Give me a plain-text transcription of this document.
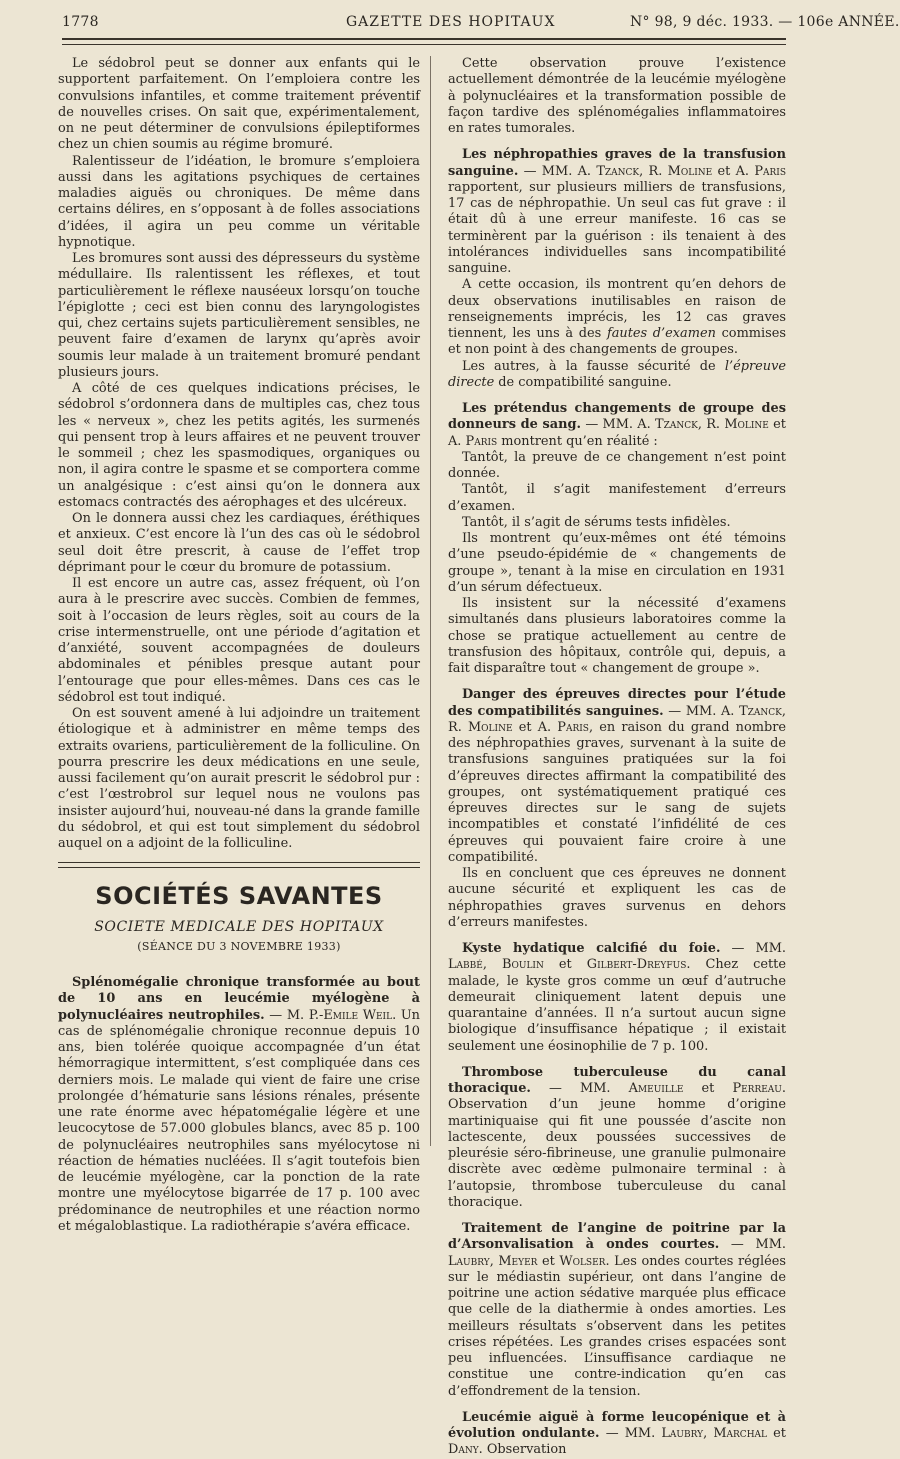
1778	GAZETTE DES HOPITAUX	N° 98, 9 déc. 1933. — 106e ANNÉE.

Le sédobrol peut se donner aux enfants qui le supportent parfaitement. On l’emploiera contre les convulsions infantiles, et comme traitement préventif de nouvelles crises. On sait que, expérimentalement, on ne peut déterminer de convulsions épileptiformes chez un chien soumis au régime bromuré.

Ralentisseur de l’idéation, le bromure s’emploiera aussi dans les agitations psychiques de certaines maladies aiguës ou chroniques. De même dans certains délires, en s’opposant à de folles associations d’idées, il agira un peu comme un véritable hypnotique.

Les bromures sont aussi des dépresseurs du système médullaire. Ils ralentissent les réflexes, et tout particulièrement le réflexe nauséeux lorsqu’on touche l’épiglotte ; ceci est bien connu des laryngologistes qui, chez certains sujets particulièrement sensibles, ne peuvent faire d’examen de larynx qu’après avoir soumis leur malade à un traitement bromuré pendant plusieurs jours.

A côté de ces quelques indications précises, le sédobrol s’ordonnera dans de multiples cas, chez tous les « nerveux », chez les petits agités, les surmenés qui pensent trop à leurs affaires et ne peuvent trouver le sommeil ; chez les spasmodiques, organiques ou non, il agira contre le spasme et se comportera comme un analgésique : c’est ainsi qu’on le donnera aux estomacs contractés des aérophages et des ulcéreux.

On le donnera aussi chez les cardiaques, éréthiques et anxieux. C’est encore là l’un des cas où le sédobrol seul doit être prescrit, à cause de l’effet trop déprimant pour le cœur du bromure de potassium.

Il est encore un autre cas, assez fréquent, où l’on aura à le prescrire avec succès. Combien de femmes, soit à l’occasion de leurs règles, soit au cours de la crise intermenstruelle, ont une période d’agitation et d’anxiété, souvent accompagnées de douleurs abdominales et pénibles presque autant pour l’entourage que pour elles-mêmes. Dans ces cas le sédobrol est tout indiqué.

On est souvent amené à lui adjoindre un traitement étiologique et à administrer en même temps des extraits ovariens, particulièrement de la folliculine. On pourra prescrire les deux médications en une seule, aussi facilement qu’on aurait prescrit le sédobrol pur : c’est l’œstrobrol sur lequel nous ne voulons pas insister aujourd’hui, nouveau-né dans la grande famille du sédobrol, et qui est tout simplement du sédobrol auquel on a adjoint de la folliculine.

SOCIÉTÉS SAVANTES
SOCIETE MEDICALE DES HOPITAUX
(SÉANCE DU 3 NOVEMBRE 1933)

Splénomégalie chronique transformée au bout de 10 ans en leucémie myélogène à polynucléaires neutrophiles. — M. P.-Emile Weil. Un cas de splénomégalie chronique reconnue depuis 10 ans, bien tolérée quoique accompagnée d’un état hémorragique intermittent, s’est compliquée dans ces derniers mois. Le malade qui vient de faire une crise prolongée d’hématurie sans lésions rénales, présente une rate énorme avec hépatomégalie légère et une leucocytose de 57.000 globules blancs, avec 85 p. 100 de polynucléaires neutrophiles sans myélocytose ni réaction de hématies nucléées. Il s’agit toutefois bien de leucémie myélogène, car la ponction de la rate montre une myélocytose bigarrée de 17 p. 100 avec prédominance de neutrophiles et une réaction normo et mégaloblastique. La radiothérapie s’avéra efficace.

Cette observation prouve l’existence actuellement démontrée de la leucémie myélogène à polynucléaires et la transformation possible de façon tardive des splénomégalies inflammatoires en rates tumorales.

Les néphropathies graves de la transfusion sanguine. — MM. A. Tzanck, R. Moline et A. Paris rapportent, sur plusieurs milliers de transfusions, 17 cas de néphropathie. Un seul cas fut grave : il était dû à une erreur manifeste. 16 cas se terminèrent par la guérison : ils tenaient à des intolérances individuelles sans incompatibilité sanguine.

A cette occasion, ils montrent qu’en dehors de deux observations inutilisables en raison de renseignements imprécis, les 12 cas graves tiennent, les uns à des fautes d’examen commises et non point à des changements de groupes.

Les autres, à la fausse sécurité de l’épreuve directe de compatibilité sanguine.

Les prétendus changements de groupe des donneurs de sang. — MM. A. Tzanck, R. Moline et A. Paris montrent qu’en réalité :

Tantôt, la preuve de ce changement n’est point donnée.

Tantôt, il s’agit manifestement d’erreurs d’examen.

Tantôt, il s’agit de sérums tests infidèles.

Ils montrent qu’eux-mêmes ont été témoins d’une pseudo-épidémie de « changements de groupe », tenant à la mise en circulation en 1931 d’un sérum défectueux.

Ils insistent sur la nécessité d’examens simultanés dans plusieurs laboratoires comme la chose se pratique actuellement au centre de transfusion des hôpitaux, contrôle qui, depuis, a fait disparaître tout « changement de groupe ».

Danger des épreuves directes pour l’étude des compatibilités sanguines. — MM. A. Tzanck, R. Moline et A. Paris, en raison du grand nombre des néphropathies graves, survenant à la suite de transfusions sanguines pratiquées sur la foi d’épreuves directes affirmant la compatibilité des groupes, ont systématiquement pratiqué ces épreuves directes sur le sang de sujets incompatibles et constaté l’infidélité de ces épreuves qui pouvaient faire croire à une compatibilité.

Ils en concluent que ces épreuves ne donnent aucune sécurité et expliquent les cas de néphropathies graves survenus en dehors d’erreurs manifestes.

Kyste hydatique calcifié du foie. — MM. Labbé, Boulin et Gilbert-Dreyfus. Chez cette malade, le kyste gros comme un œuf d’autruche demeurait cliniquement latent depuis une quarantaine d’années. Il n’a surtout aucun signe biologique d’insuffisance hépatique ; il existait seulement une éosinophilie de 7 p. 100.

Thrombose tuberculeuse du canal thoracique. — MM. Ameuille et Perreau. Observation d’un jeune homme d’origine martiniquaise qui fit une poussée d’ascite non lactescente, deux poussées successives de pleurésie séro-fibrineuse, une granulie pulmonaire discrète avec œdème pulmonaire terminal : à l’autopsie, thrombose tuberculeuse du canal thoracique.

Traitement de l’angine de poitrine par la d’Arsonvalisation à ondes courtes. — MM. Laubry, Meyer et Wolser. Les ondes courtes réglées sur le médiastin supérieur, ont dans l’angine de poitrine une action sédative marquée plus efficace que celle de la diathermie à ondes amorties. Les meilleurs résultats s’observent dans les petites crises répétées. Les grandes crises espacées sont peu influencées. L’insuffisance cardiaque ne constitue une contre-indication qu’en cas d’effondrement de la tension.

Leucémie aiguë à forme leucopénique et à évolution ondulante. — MM. Laubry, Marchal et Dany. Observation
